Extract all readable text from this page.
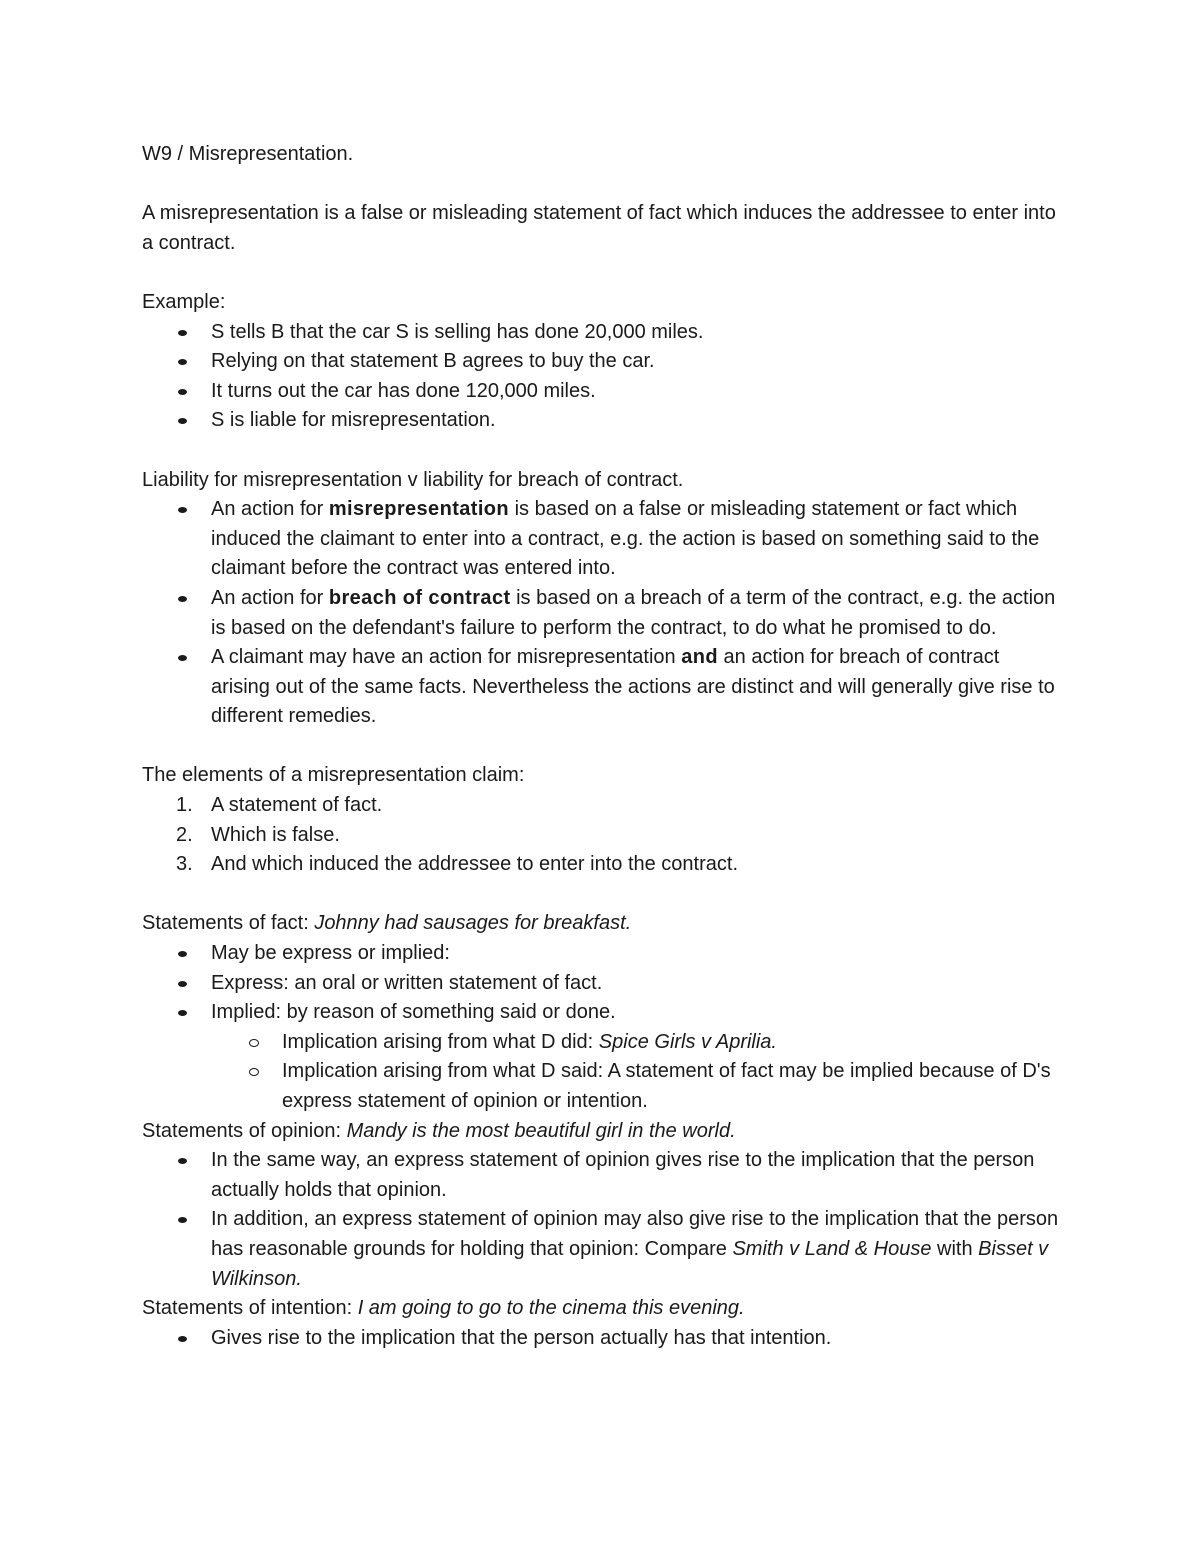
W9 / Misrepresentation.

A misrepresentation is a false or misleading statement of fact which induces the addressee to enter into a contract.

Example:

S tells B that the car S is selling has done 20,000 miles.
Relying on that statement B agrees to buy the car.
It turns out the car has done 120,000 miles.
S is liable for misrepresentation.

Liability for misrepresentation v liability for breach of contract.

An action for misrepresentation is based on a false or misleading statement or fact which induced the claimant to enter into a contract, e.g. the action is based on something said to the claimant before the contract was entered into.
An action for breach of contract is based on a breach of a term of the contract, e.g. the action is based on the defendant's failure to perform the contract, to do what he promised to do.
A claimant may have an action for misrepresentation and an action for breach of contract arising out of the same facts. Nevertheless the actions are distinct and will generally give rise to different remedies.

The elements of a misrepresentation claim:

1. A statement of fact.
2. Which is false.
3. And which induced the addressee to enter into the contract.

Statements of fact: Johnny had sausages for breakfast.

May be express or implied:
Express: an oral or written statement of fact.
Implied: by reason of something said or done.
Implication arising from what D did: Spice Girls v Aprilia.
Implication arising from what D said: A statement of fact may be implied because of D's express statement of opinion or intention.

Statements of opinion: Mandy is the most beautiful girl in the world.

In the same way, an express statement of opinion gives rise to the implication that the person actually holds that opinion.
In addition, an express statement of opinion may also give rise to the implication that the person has reasonable grounds for holding that opinion: Compare Smith v Land & House with Bisset v Wilkinson.

Statements of intention: I am going to go to the cinema this evening.

Gives rise to the implication that the person actually has that intention.
